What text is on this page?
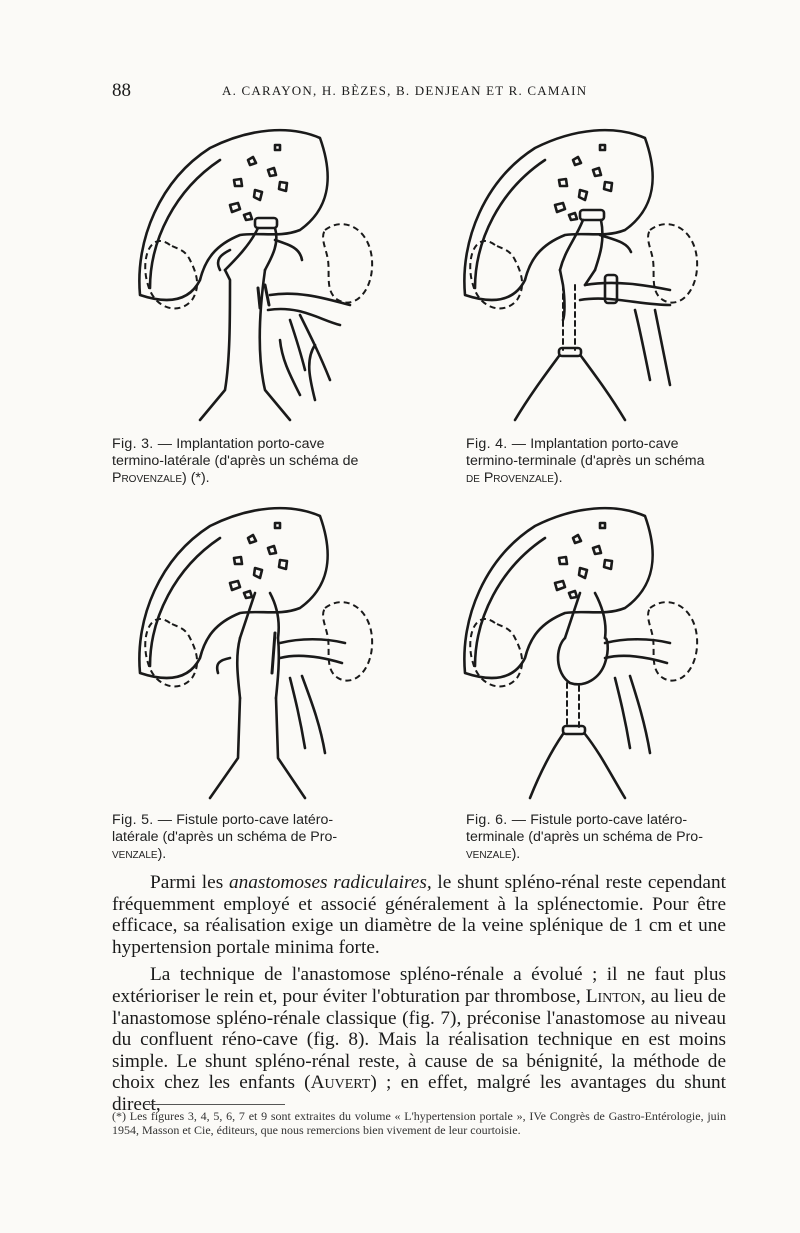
88	A. CARAYON, H. BÈZES, B. DENJEAN ET R. CAMAIN
Fig. 3. — Implantation porto-cave
termino-latérale (d'après un schéma de
Provenzale) (*).
Fig. 4. — Implantation porto-cave
termino-terminale (d'après un schéma
de Provenzale).
Fig. 5. — Fistule porto-cave latéro-
latérale (d'après un schéma de Pro-
venzale).
Fig. 6. — Fistule porto-cave latéro-
terminale (d'après un schéma de Pro-
venzale).

Parmi les anastomoses radiculaires, le shunt spléno-rénal reste cependant fréquemment employé et associé généralement à la splénectomie. Pour être efficace, sa réalisation exige un diamètre de la veine splénique de 1 cm et une hypertension portale minima forte.

La technique de l'anastomose spléno-rénale a évolué ; il ne faut plus extérioriser le rein et, pour éviter l'obturation par thrombose, Linton, au lieu de l'anastomose spléno-rénale classique (fig. 7), préconise l'anastomose au niveau du confluent réno-cave (fig. 8). Mais la réalisation technique en est moins simple. Le shunt spléno-rénal reste, à cause de sa bénignité, la méthode de choix chez les enfants (Auvert) ; en effet, malgré les avantages du shunt direct,

(*) Les figures 3, 4, 5, 6, 7 et 9 sont extraites du volume « L'hypertension portale », IVe Congrès de Gastro-Entérologie, juin 1954, Masson et Cie, éditeurs, que nous remercions bien vivement de leur courtoisie.
